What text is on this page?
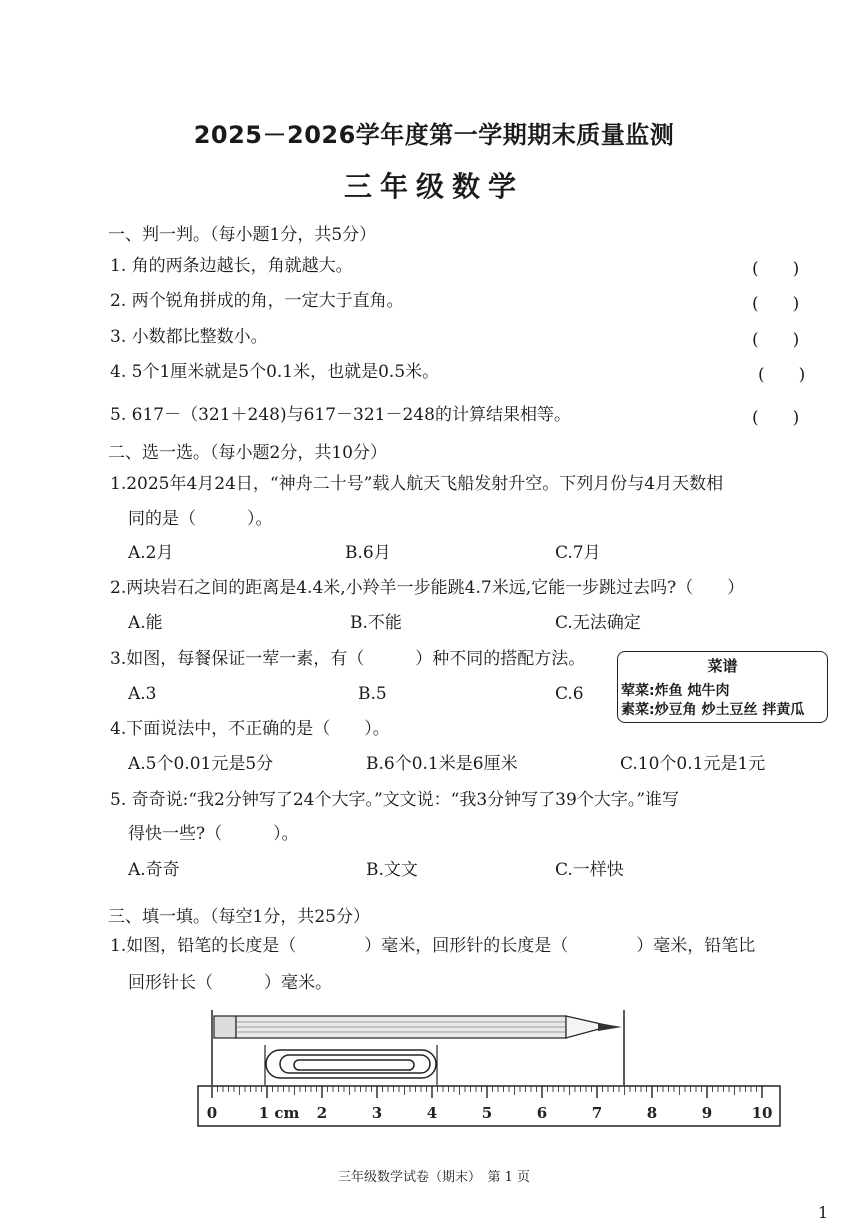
2025－2026学年度第一学期期末质量监测
三年级数学
一、判一判。（每小题1分，共5分）
1. 角的两条边越长，角就越大。
2. 两个锐角拼成的角，一定大于直角。
3. 小数都比整数小。
4. 5个1厘米就是5个0.1米，也就是0.5米。
5. 617－（321＋248)与617－321－248的计算结果相等。
(　　)
(　　)
(　　)
(　　)
(　　)
二、选一选。（每小题2分，共10分）
1.2025年4月24日，“神舟二十号”载人航天飞船发射升空。下列月份与4月天数相
同的是（　　　）。
A.2月	B.6月	C.7月
2.两块岩石之间的距离是4.4米,小羚羊一步能跳4.7米远,它能一步跳过去吗?（　　）
A.能	B.不能	C.无法确定
3.如图，每餐保证一荤一素，有（　　　）种不同的搭配方法。
A.3	B.5	C.6
菜谱
荤菜:炸鱼 炖牛肉
素菜:炒豆角 炒土豆丝 拌黄瓜
4.下面说法中，不正确的是（　　）。
A.5个0.01元是5分	B.6个0.1米是6厘米	C.10个0.1元是1元
5. 奇奇说:“我2分钟写了24个大字。”文文说：“我3分钟写了39个大字。”谁写
得快一些?（　　　）。
A.奇奇	B.文文	C.一样快
三、填一填。（每空1分，共25分）
1.如图，铅笔的长度是（　　　　）毫米，回形针的长度是（　　　　）毫米，铅笔比
回形针长（　　　）毫米。
0	1 cm 2	3	4	5	6	7	8	9	10
三年级数学试卷（期末）　第 1 页
1
